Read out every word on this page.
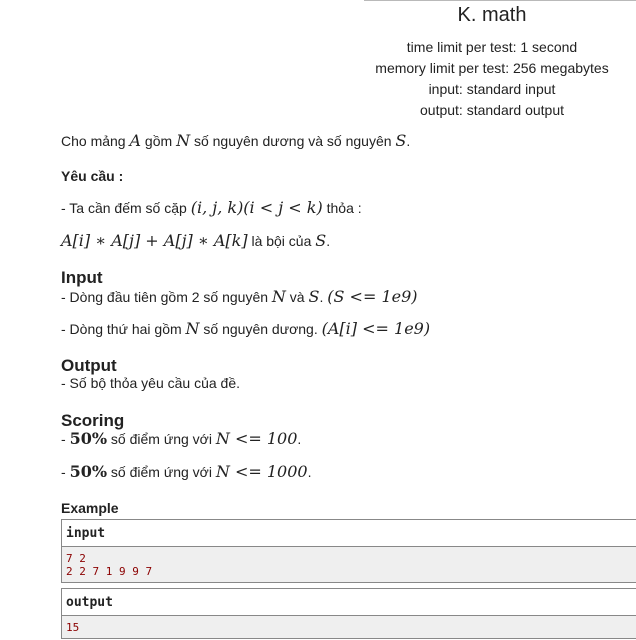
K. math
time limit per test: 1 second
memory limit per test: 256 megabytes
input: standard input
output: standard output
Cho mảng A gồm N số nguyên dương và số nguyên S.
Yêu cầu :
- Ta cần đếm số cặp (i, j, k)(i < j < k) thỏa :
A[i] ∗ A[j] + A[j] ∗ A[k] là bội của S.
Input
- Dòng đầu tiên gồm 2 số nguyên N và S. (S <= 1e9)
- Dòng thứ hai gồm N số nguyên dương. (A[i] <= 1e9)
Output
- Số bộ thỏa yêu cầu của đề.
Scoring
- 50% số điểm ứng với N <= 100.
- 50% số điểm ứng với N <= 1000.
Example
input
7 2
2 2 7 1 9 9 7
output
15
